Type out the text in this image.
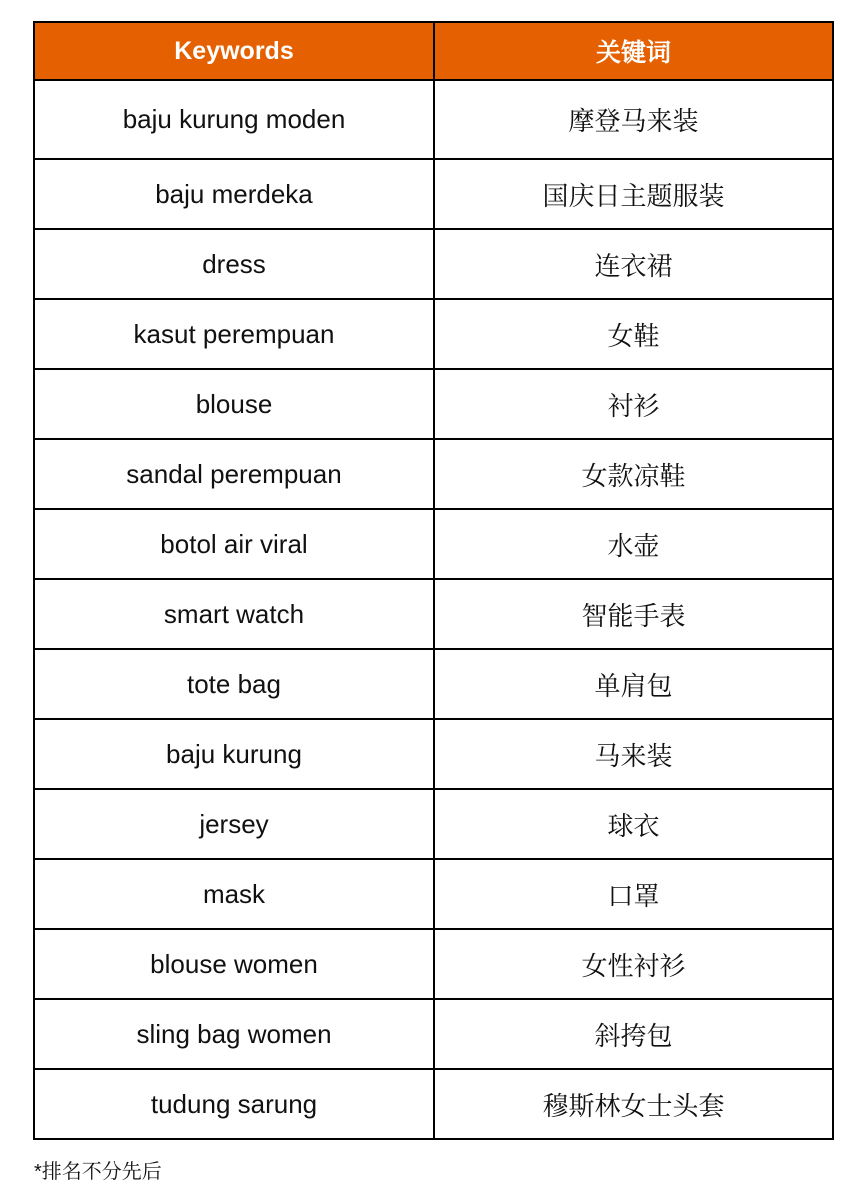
Keywords	关键词
baju kurung moden	摩登马来装
baju merdeka	国庆日主题服装
dress	连衣裙
kasut perempuan	女鞋
blouse	衬衫
sandal perempuan	女款凉鞋
botol air viral	水壶
smart watch	智能手表
tote bag	单肩包
baju kurung	马来装
jersey	球衣
mask	口罩
blouse women	女性衬衫
sling bag women	斜挎包
tudung sarung	穆斯林女士头套
*排名不分先后
